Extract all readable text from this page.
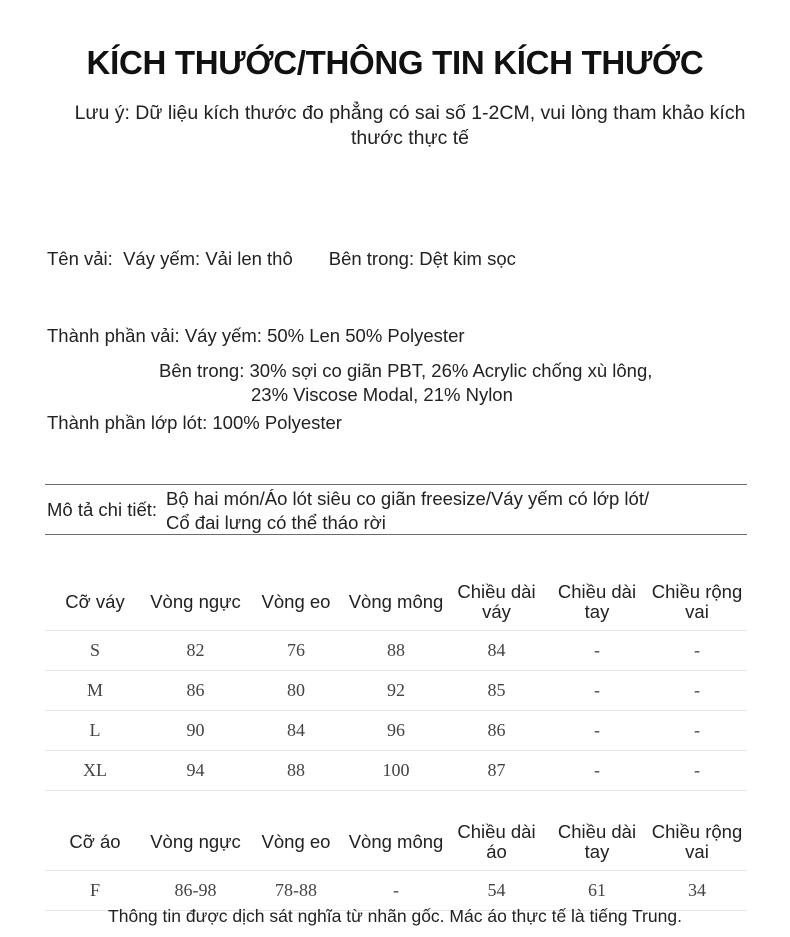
KÍCH THƯỚC/THÔNG TIN KÍCH THƯỚC
Lưu ý: Dữ liệu kích thước đo phẳng có sai số 1-2CM, vui lòng tham khảo kích thước thực tế
Tên vải:  Váy yếm: Vải len thô       Bên trong: Dệt kim sọc
Thành phần vải: Váy yếm: 50% Len 50% Polyester
Bên trong: 30% sợi co giãn PBT, 26% Acrylic chống xù lông,
23% Viscose Modal, 21% Nylon
Thành phần lớp lót: 100% Polyester
Mô tả chi tiết:
Bộ hai món/Áo lót siêu co giãn freesize/Váy yếm có lớp lót/
Cổ đai lưng có thể tháo rời
Cỡ váy	Vòng ngực	Vòng eo	Vòng mông	Chiều dài váy	Chiều dài tay	Chiều rộng vai
S	82	76	88	84	-	-
M	86	80	92	85	-	-
L	90	84	96	86	-	-
XL	94	88	100	87	-	-
Cỡ áo	Vòng ngực	Vòng eo	Vòng mông	Chiều dài áo	Chiều dài tay	Chiều rộng vai
F	86-98	78-88	-	54	61	34
Thông tin được dịch sát nghĩa từ nhãn gốc. Mác áo thực tế là tiếng Trung.
